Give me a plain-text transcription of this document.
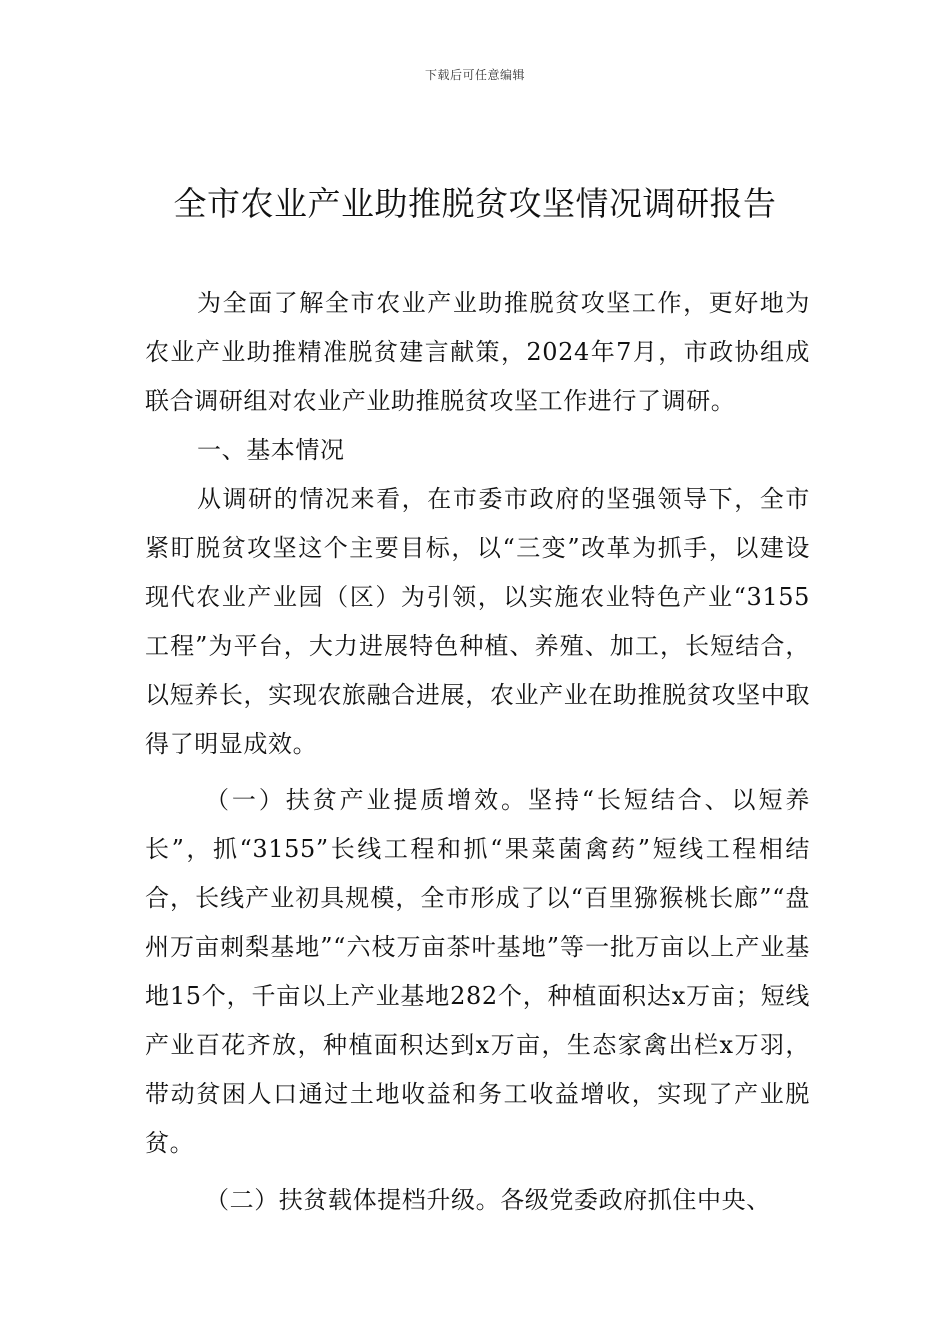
下载后可任意编辑
全市农业产业助推脱贫攻坚情况调研报告

为全面了解全市农业产业助推脱贫攻坚工作，更好地为农业产业助推精准脱贫建言献策，2024年7月，市政协组成联合调研组对农业产业助推脱贫攻坚工作进行了调研。

一、基本情况

从调研的情况来看，在市委市政府的坚强领导下，全市紧盯脱贫攻坚这个主要目标，以“三变”改革为抓手，以建设现代农业产业园（区）为引领，以实施农业特色产业“3155工程”为平台，大力进展特色种植、养殖、加工，长短结合，以短养长，实现农旅融合进展，农业产业在助推脱贫攻坚中取得了明显成效。

（一）扶贫产业提质增效。坚持“长短结合、以短养长”，抓“3155”长线工程和抓“果菜菌禽药”短线工程相结合，长线产业初具规模，全市形成了以“百里猕猴桃长廊”“盘州万亩刺梨基地”“六枝万亩茶叶基地”等一批万亩以上产业基地15个，千亩以上产业基地282个，种植面积达x万亩；短线产业百花齐放，种植面积达到x万亩，生态家禽出栏x万羽，带动贫困人口通过土地收益和务工收益增收，实现了产业脱贫。

（二）扶贫载体提档升级。各级党委政府抓住中央、
